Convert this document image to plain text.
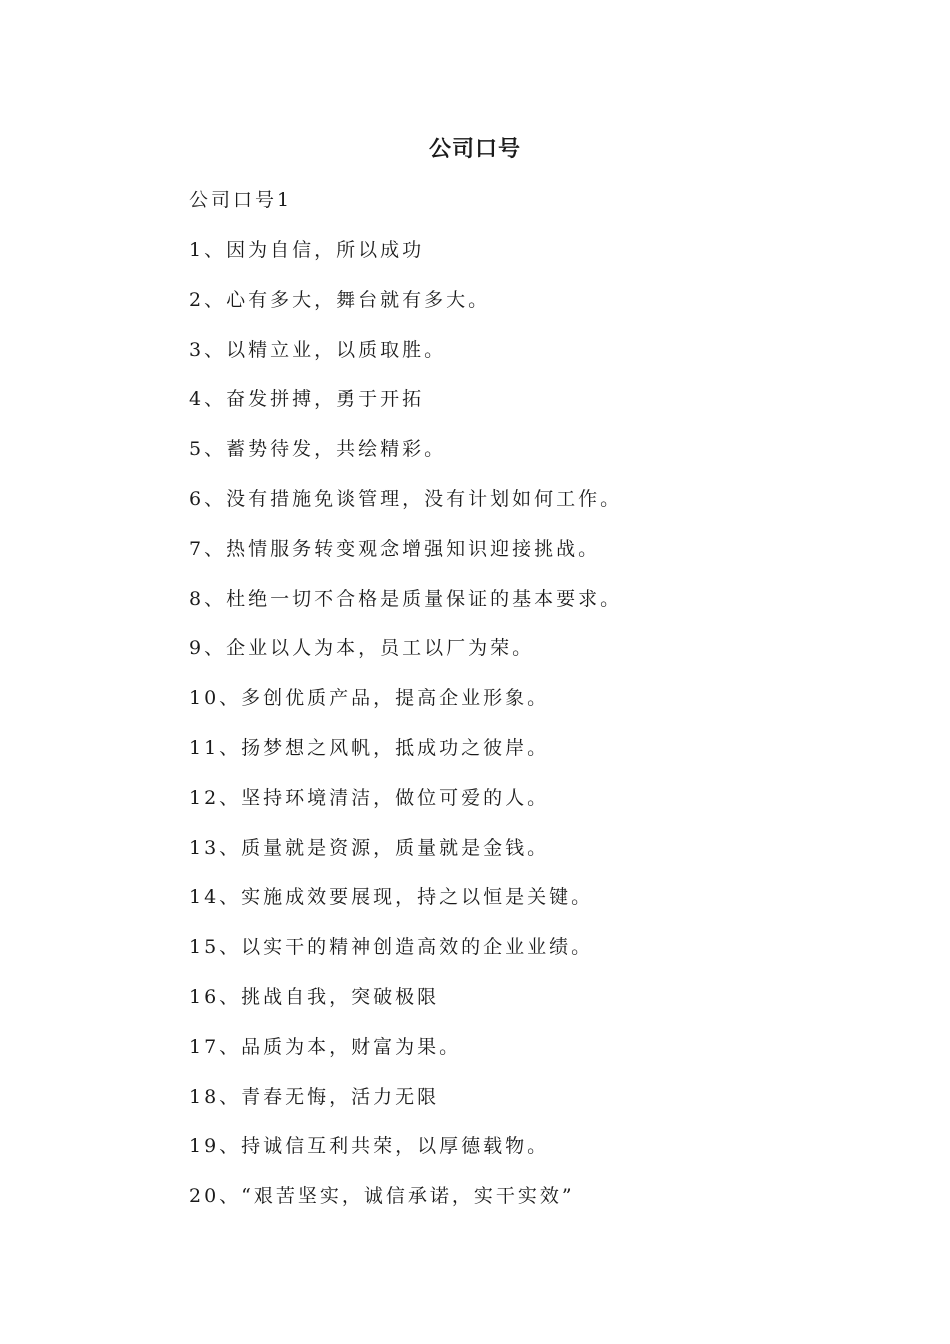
公司口号
公司口号1
1、因为自信，所以成功
2、心有多大，舞台就有多大。
3、以精立业，以质取胜。
4、奋发拼搏，勇于开拓
5、蓄势待发，共绘精彩。
6、没有措施免谈管理，没有计划如何工作。
7、热情服务转变观念增强知识迎接挑战。
8、杜绝一切不合格是质量保证的基本要求。
9、企业以人为本，员工以厂为荣。
10、多创优质产品，提高企业形象。
11、扬梦想之风帆，抵成功之彼岸。
12、坚持环境清洁，做位可爱的人。
13、质量就是资源，质量就是金钱。
14、实施成效要展现，持之以恒是关键。
15、以实干的精神创造高效的企业业绩。
16、挑战自我，突破极限
17、品质为本，财富为果。
18、青春无悔，活力无限
19、持诚信互利共荣，以厚德载物。
20、“艰苦坚实，诚信承诺，实干实效”
